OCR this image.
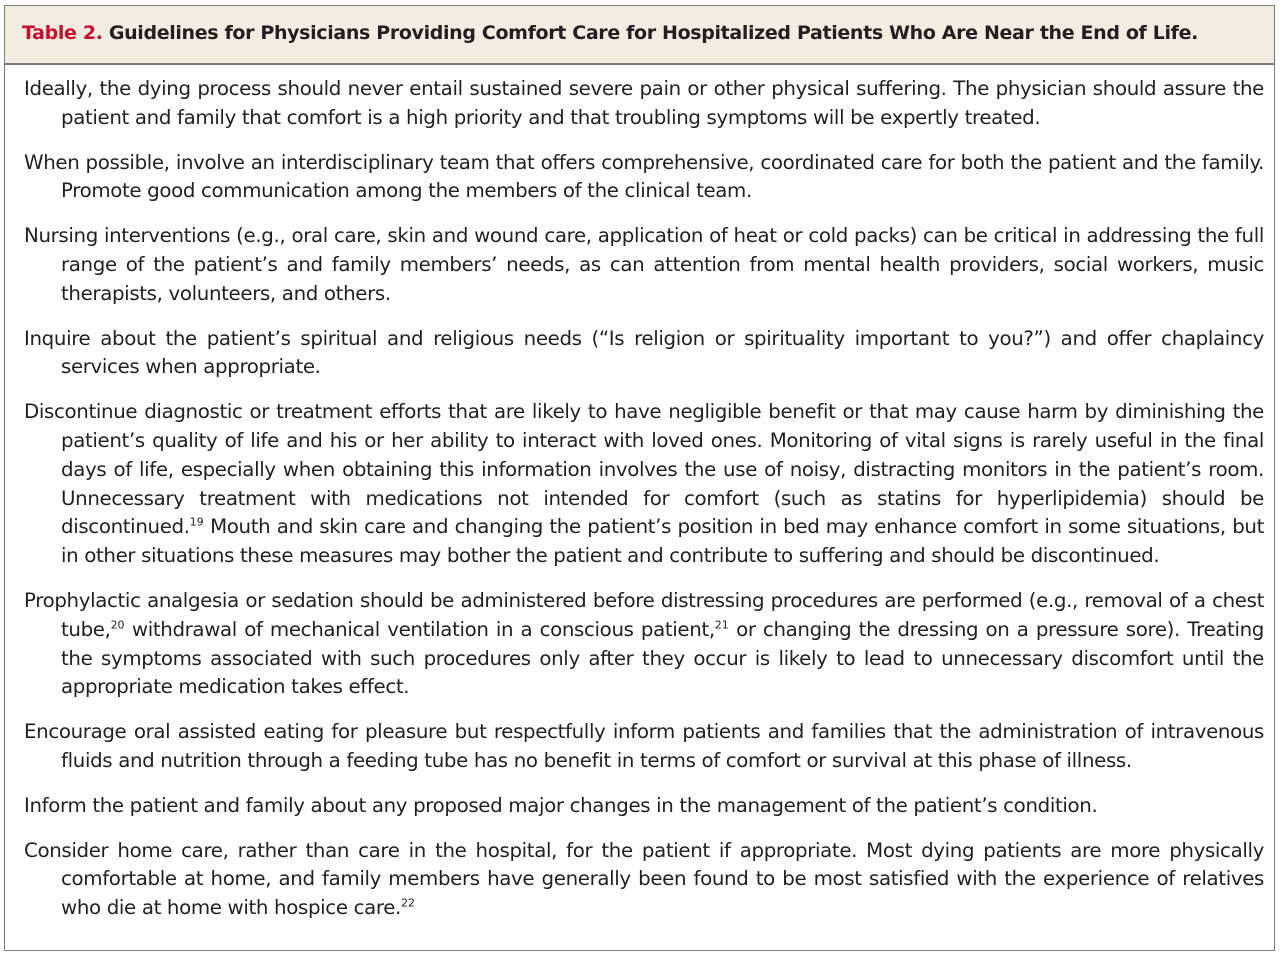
Table 2. Guidelines for Physicians Providing Comfort Care for Hospitalized Patients Who Are Near the End of Life.

Ideally, the dying process should never entail sustained severe pain or other physical suffering. The physician should assure the patient and family that comfort is a high priority and that troubling symptoms will be expertly treated.

When possible, involve an interdisciplinary team that offers comprehensive, coordinated care for both the patient and the family. Promote good communication among the members of the clinical team.

Nursing interventions (e.g., oral care, skin and wound care, application of heat or cold packs) can be critical in addressing the full range of the patient’s and family members’ needs, as can attention from mental health providers, social workers, music therapists, volunteers, and others.

Inquire about the patient’s spiritual and religious needs (“Is religion or spirituality important to you?”) and offer chaplaincy services when appropriate.

Discontinue diagnostic or treatment efforts that are likely to have negligible benefit or that may cause harm by diminishing the patient’s quality of life and his or her ability to interact with loved ones. Monitoring of vital signs is rarely useful in the final days of life, especially when obtaining this information involves the use of noisy, distracting monitors in the patient’s room. Unnecessary treatment with medications not intended for comfort (such as statins for hyperlipidemia) should be discontinued.$^{19}$ Mouth and skin care and changing the patient’s position in bed may enhance comfort in some situations, but in other situations these measures may bother the patient and contribute to suffering and should be discontinued.

Prophylactic analgesia or sedation should be administered before distressing procedures are performed (e.g., removal of a chest tube,$^{20}$ withdrawal of mechanical ventilation in a conscious patient,$^{21}$ or changing the dressing on a pressure sore). Treating the symptoms associated with such procedures only after they occur is likely to lead to unnecessary discomfort until the appropriate medication takes effect.

Encourage oral assisted eating for pleasure but respectfully inform patients and families that the administration of intravenous fluids and nutrition through a feeding tube has no benefit in terms of comfort or survival at this phase of illness.

Inform the patient and family about any proposed major changes in the management of the patient’s condition.

Consider home care, rather than care in the hospital, for the patient if appropriate. Most dying patients are more physically comfortable at home, and family members have generally been found to be most satisfied with the experience of relatives who die at home with hospice care.$^{22}$
